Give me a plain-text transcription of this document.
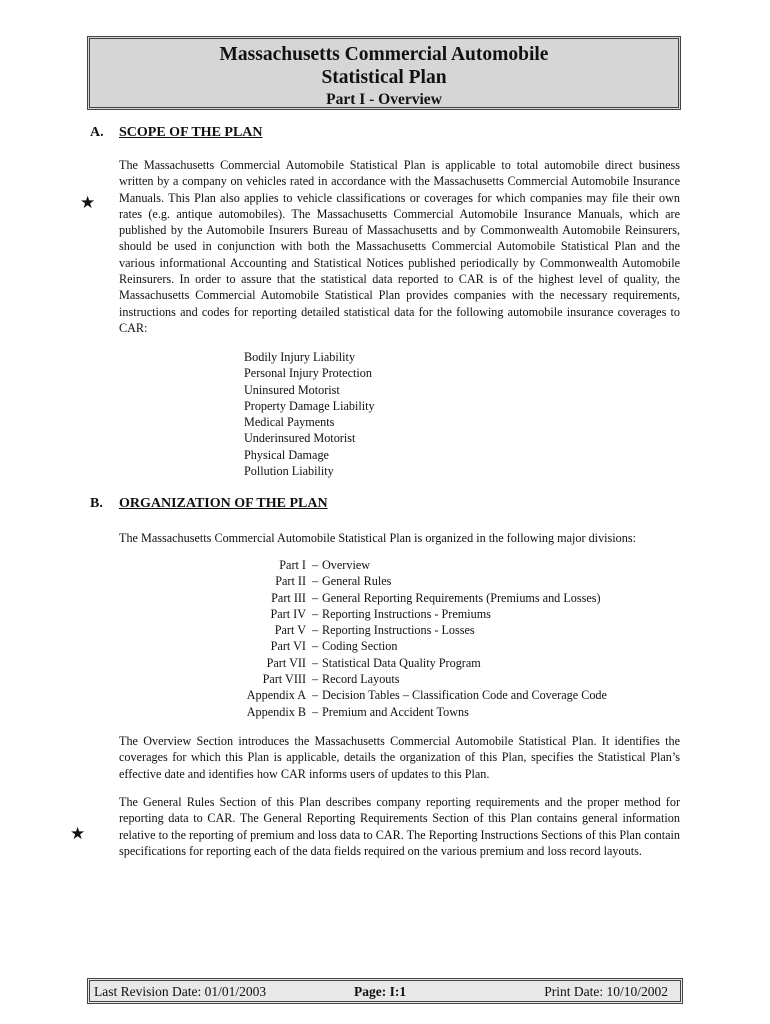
Massachusetts Commercial Automobile
Statistical Plan
Part I - Overview
A. SCOPE OF THE PLAN
★

The Massachusetts Commercial Automobile Statistical Plan is applicable to total automobile direct business written by a company on vehicles rated in accordance with the Massachusetts Commercial Automobile Insurance Manuals. This Plan also applies to vehicle classifications or coverages for which companies may file their own rates (e.g. antique automobiles). The Massachusetts Commercial Automobile Insurance Manuals, which are published by the Automobile Insurers Bureau of Massachusetts and by Commonwealth Automobile Reinsurers, should be used in conjunction with both the Massachusetts Commercial Automobile Statistical Plan and the various informational Accounting and Statistical Notices published periodically by Commonwealth Automobile Reinsurers. In order to assure that the statistical data reported to CAR is of the highest level of quality, the Massachusetts Commercial Automobile Statistical Plan provides companies with the necessary requirements, instructions and codes for reporting detailed statistical data for the following automobile insurance coverages to CAR:

Bodily Injury Liability
Personal Injury Protection
Uninsured Motorist
Property Damage Liability
Medical Payments
Underinsured Motorist
Physical Damage
Pollution Liability
B. ORGANIZATION OF THE PLAN

The Massachusetts Commercial Automobile Statistical Plan is organized in the following major divisions:

Part I	–	Overview
Part II	–	General Rules
Part III	–	General Reporting Requirements (Premiums and Losses)
Part IV	–	Reporting Instructions - Premiums
Part V	–	Reporting Instructions - Losses
Part VI	–	Coding Section
Part VII	–	Statistical Data Quality Program
Part VIII	–	Record Layouts
Appendix A	–	Decision Tables – Classification Code and Coverage Code
Appendix B	–	Premium and Accident Towns

The Overview Section introduces the Massachusetts Commercial Automobile Statistical Plan. It identifies the coverages for which this Plan is applicable, details the organization of this Plan, specifies the Statistical Plan’s effective date and identifies how CAR informs users of updates to this Plan.

★

The General Rules Section of this Plan describes company reporting requirements and the proper method for reporting data to CAR. The General Reporting Requirements Section of this Plan contains general information relative to the reporting of premium and loss data to CAR. The Reporting Instructions Sections of this Plan contain specifications for reporting each of the data fields required on the various premium and loss record layouts.

Last Revision Date: 01/01/2003	Page: I:1	Print Date: 10/10/2002
